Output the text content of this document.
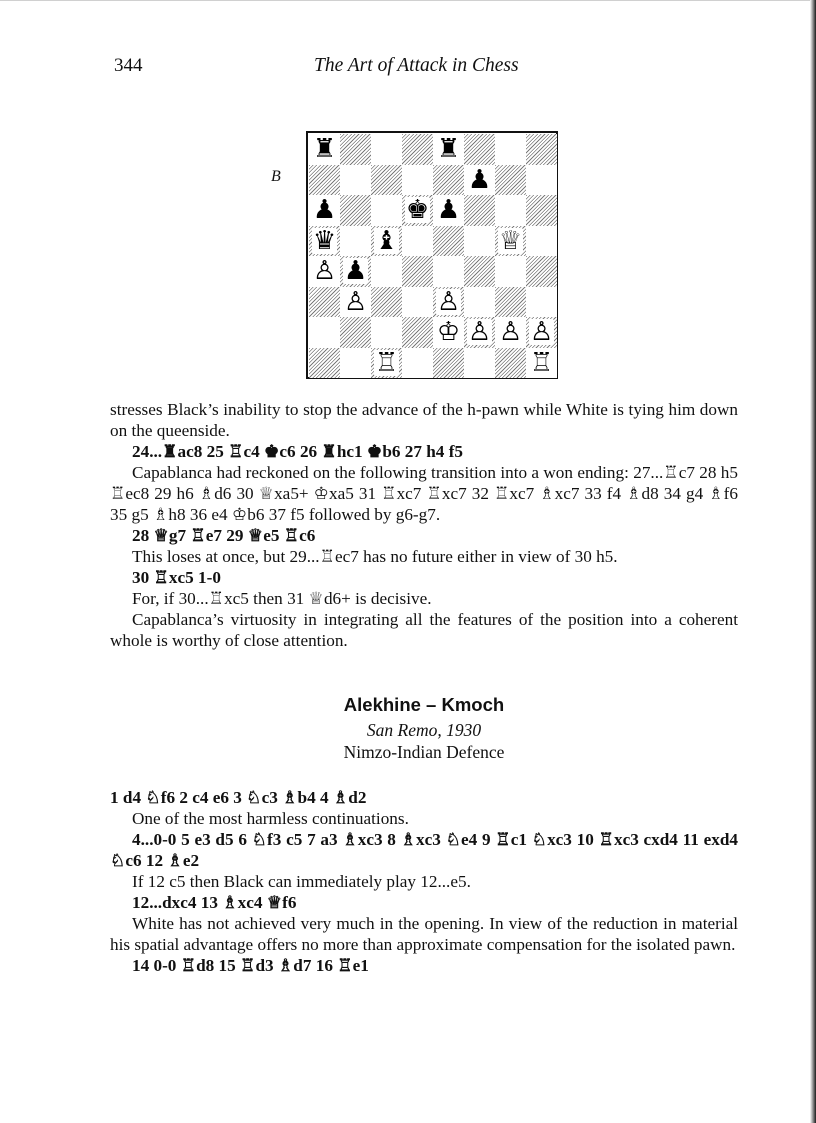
344	The Art of Attack in Chess
B
♜	♜
♟
♟	♚ ♟
♛ ♝	♕
♙ ♟
♙	♙
♔ ♙ ♙ ♙
♖	♖

stresses Black’s inability to stop the advance of the h-pawn while White is tying him down on the queenside.

24...♜ac8 25 ♖c4 ♚c6 26 ♜hc1 ♚b6 27 h4 f5

Capablanca had reckoned on the following transition into a won ending: 27...♖c7 28 h5 ♖ec8 29 h6 ♗d6 30 ♕xa5+ ♔xa5 31 ♖xc7 ♖xc7 32 ♖xc7 ♗xc7 33 f4 ♗d8 34 g4 ♗f6 35 g5 ♗h8 36 e4 ♔b6 37 f5 followed by g6-g7.

28 ♕g7 ♖e7 29 ♕e5 ♖c6

This loses at once, but 29...♖ec7 has no future either in view of 30 h5.

30 ♖xc5 1-0

For, if 30...♖xc5 then 31 ♕d6+ is decisive.

Capablanca’s virtuosity in integrating all the features of the position into a coherent whole is worthy of close attention.

Alekhine – Kmoch
San Remo, 1930
Nimzo-Indian Defence

1 d4 ♘f6 2 c4 e6 3 ♘c3 ♗b4 4 ♗d2

One of the most harmless continuations.

4...0-0 5 e3 d5 6 ♘f3 c5 7 a3 ♗xc3 8 ♗xc3 ♘e4 9 ♖c1 ♘xc3 10 ♖xc3 cxd4 11 exd4 ♘c6 12 ♗e2

If 12 c5 then Black can immediately play 12...e5.

12...dxc4 13 ♗xc4 ♕f6

White has not achieved very much in the opening. In view of the reduction in material his spatial advantage offers no more than approximate compensation for the isolated pawn.

14 0-0 ♖d8 15 ♖d3 ♗d7 16 ♖e1
